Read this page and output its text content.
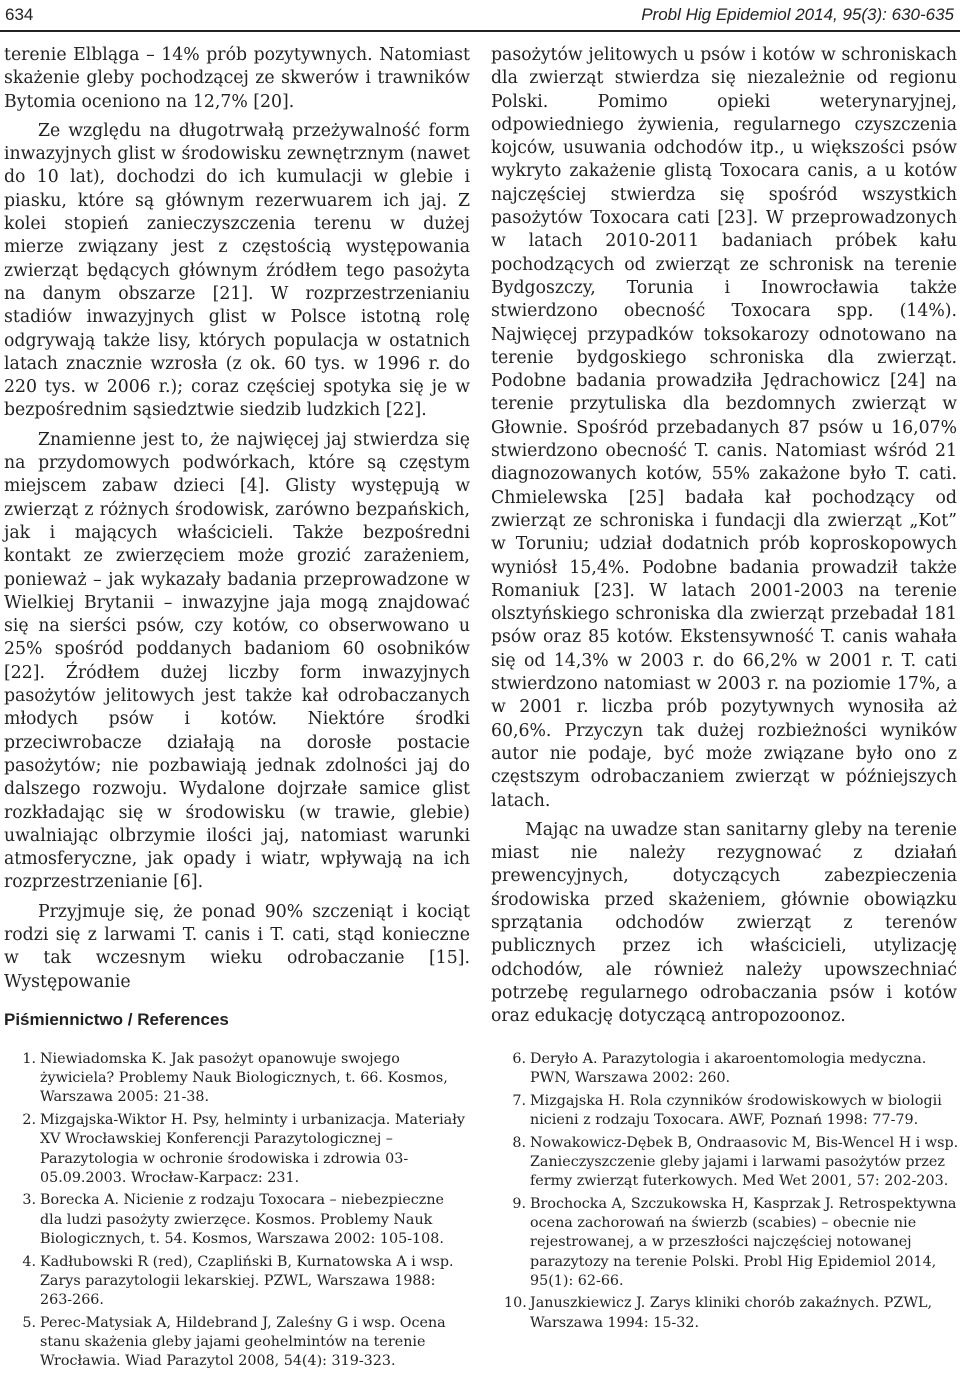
634	Probl Hig Epidemiol 2014, 95(3): 630-635

terenie Elbląga – 14% prób pozytywnych. Natomiast skażenie gleby pochodzącej ze skwerów i trawników Bytomia oceniono na 12,7% [20].

Ze względu na długotrwałą przeżywalność form inwazyjnych glist w środowisku zewnętrznym (nawet do 10 lat), dochodzi do ich kumulacji w glebie i piasku, które są głównym rezerwuarem ich jaj. Z kolei stopień zanieczyszczenia terenu w dużej mierze związany jest z częstością występowania zwierząt będących głównym źródłem tego pasożyta na danym obszarze [21]. W rozprzestrzenianiu stadiów inwazyjnych glist w Polsce istotną rolę odgrywają także lisy, których populacja w ostatnich latach znacznie wzrosła (z ok. 60 tys. w 1996 r. do 220 tys. w 2006 r.); coraz częściej spotyka się je w bezpośrednim sąsiedztwie siedzib ludzkich [22].

Znamienne jest to, że najwięcej jaj stwierdza się na przydomowych podwórkach, które są częstym miejscem zabaw dzieci [4]. Glisty występują w zwierząt z różnych środowisk, zarówno bezpańskich, jak i mających właścicieli. Także bezpośredni kontakt ze zwierzęciem może grozić zarażeniem, ponieważ – jak wykazały badania przeprowadzone w Wielkiej Brytanii – inwazyjne jaja mogą znajdować się na sierści psów, czy kotów, co obserwowano u 25% spośród poddanych badaniom 60 osobników [22]. Źródłem dużej liczby form inwazyjnych pasożytów jelitowych jest także kał odrobaczanych młodych psów i kotów. Niektóre środki przeciwrobacze działają na dorosłe postacie pasożytów; nie pozbawiają jednak zdolności jaj do dalszego rozwoju. Wydalone dojrzałe samice glist rozkładając się w środowisku (w trawie, glebie) uwalniając olbrzymie ilości jaj, natomiast warunki atmosferyczne, jak opady i wiatr, wpływają na ich rozprzestrzenianie [6].

Przyjmuje się, że ponad 90% szczeniąt i kociąt rodzi się z larwami T. canis i T. cati, stąd konieczne w tak wczesnym wieku odrobaczanie [15]. Występowanie

pasożytów jelitowych u psów i kotów w schroniskach dla zwierząt stwierdza się niezależnie od regionu Polski. Pomimo opieki weterynaryjnej, odpowiedniego żywienia, regularnego czyszczenia kojców, usuwania odchodów itp., u większości psów wykryto zakażenie glistą Toxocara canis, a u kotów najczęściej stwierdza się spośród wszystkich pasożytów Toxocara cati [23]. W przeprowadzonych w latach 2010-2011 badaniach próbek kału pochodzących od zwierząt ze schronisk na terenie Bydgoszczy, Torunia i Inowrocławia także stwierdzono obecność Toxocara spp. (14%). Najwięcej przypadków toksokarozy odnotowano na terenie bydgoskiego schroniska dla zwierząt. Podobne badania prowadziła Jędrachowicz [24] na terenie przytuliska dla bezdomnych zwierząt w Głownie. Spośród przebadanych 87 psów u 16,07% stwierdzono obecność T. canis. Natomiast wśród 21 diagnozowanych kotów, 55% zakażone było T. cati. Chmielewska [25] badała kał pochodzący od zwierząt ze schroniska i fundacji dla zwierząt „Kot” w Toruniu; udział dodatnich prób koproskopowych wyniósł 15,4%. Podobne badania prowadził także Romaniuk [23]. W latach 2001-2003 na terenie olsztyńskiego schroniska dla zwierząt przebadał 181 psów oraz 85 kotów. Ekstensywność T. canis wahała się od 14,3% w 2003 r. do 66,2% w 2001 r. T. cati stwierdzono natomiast w 2003 r. na poziomie 17%, a w 2001 r. liczba prób pozytywnych wynosiła aż 60,6%. Przyczyn tak dużej rozbieżności wyników autor nie podaje, być może związane było ono z częstszym odrobaczaniem zwierząt w późniejszych latach.

Mając na uwadze stan sanitarny gleby na terenie miast nie należy rezygnować z działań prewencyjnych, dotyczących zabezpieczenia środowiska przed skażeniem, głównie obowiązku sprzątania odchodów zwierząt z terenów publicznych przez ich właścicieli, utylizację odchodów, ale również należy upowszechniać potrzebę regularnego odrobaczania psów i kotów oraz edukację dotyczącą antropozoonoz.

Piśmiennictwo / References
1. Niewiadomska K. Jak pasożyt opanowuje swojego żywiciela? Problemy Nauk Biologicznych, t. 66. Kosmos, Warszawa 2005: 21-38.
2. Mizgajska-Wiktor H. Psy, helminty i urbanizacja. Materiały XV Wrocławskiej Konferencji Parazytologicznej – Parazytologia w ochronie środowiska i zdrowia 03-05.09.2003. Wrocław-Karpacz: 231.
3. Borecka A. Nicienie z rodzaju Toxocara – niebezpieczne dla ludzi pasożyty zwierzęce. Kosmos. Problemy Nauk Biologicznych, t. 54. Kosmos, Warszawa 2002: 105-108.
4. Kadłubowski R (red), Czapliński B, Kurnatowska A i wsp. Zarys parazytologii lekarskiej. PZWL, Warszawa 1988: 263-266.
5. Perec-Matysiak A, Hildebrand J, Zaleśny G i wsp. Ocena stanu skażenia gleby jajami geohelmintów na terenie Wrocławia. Wiad Parazytol 2008, 54(4): 319-323.
6. Deryło A. Parazytologia i akaroentomologia medyczna. PWN, Warszawa 2002: 260.
7. Mizgajska H. Rola czynników środowiskowych w biologii nicieni z rodzaju Toxocara. AWF, Poznań 1998: 77-79.
8. Nowakowicz-Dębek B, Ondraasovic M, Bis-Wencel H i wsp. Zanieczyszczenie gleby jajami i larwami pasożytów przez fermy zwierząt futerkowych. Med Wet 2001, 57: 202-203.
9. Brochocka A, Szczukowska H, Kasprzak J. Retrospektywna ocena zachorowań na świerzb (scabies) – obecnie nie rejestrowanej, a w przeszłości najczęściej notowanej parazytozy na terenie Polski. Probl Hig Epidemiol 2014, 95(1): 62-66.
10. Januszkiewicz J. Zarys kliniki chorób zakaźnych. PZWL, Warszawa 1994: 15-32.
